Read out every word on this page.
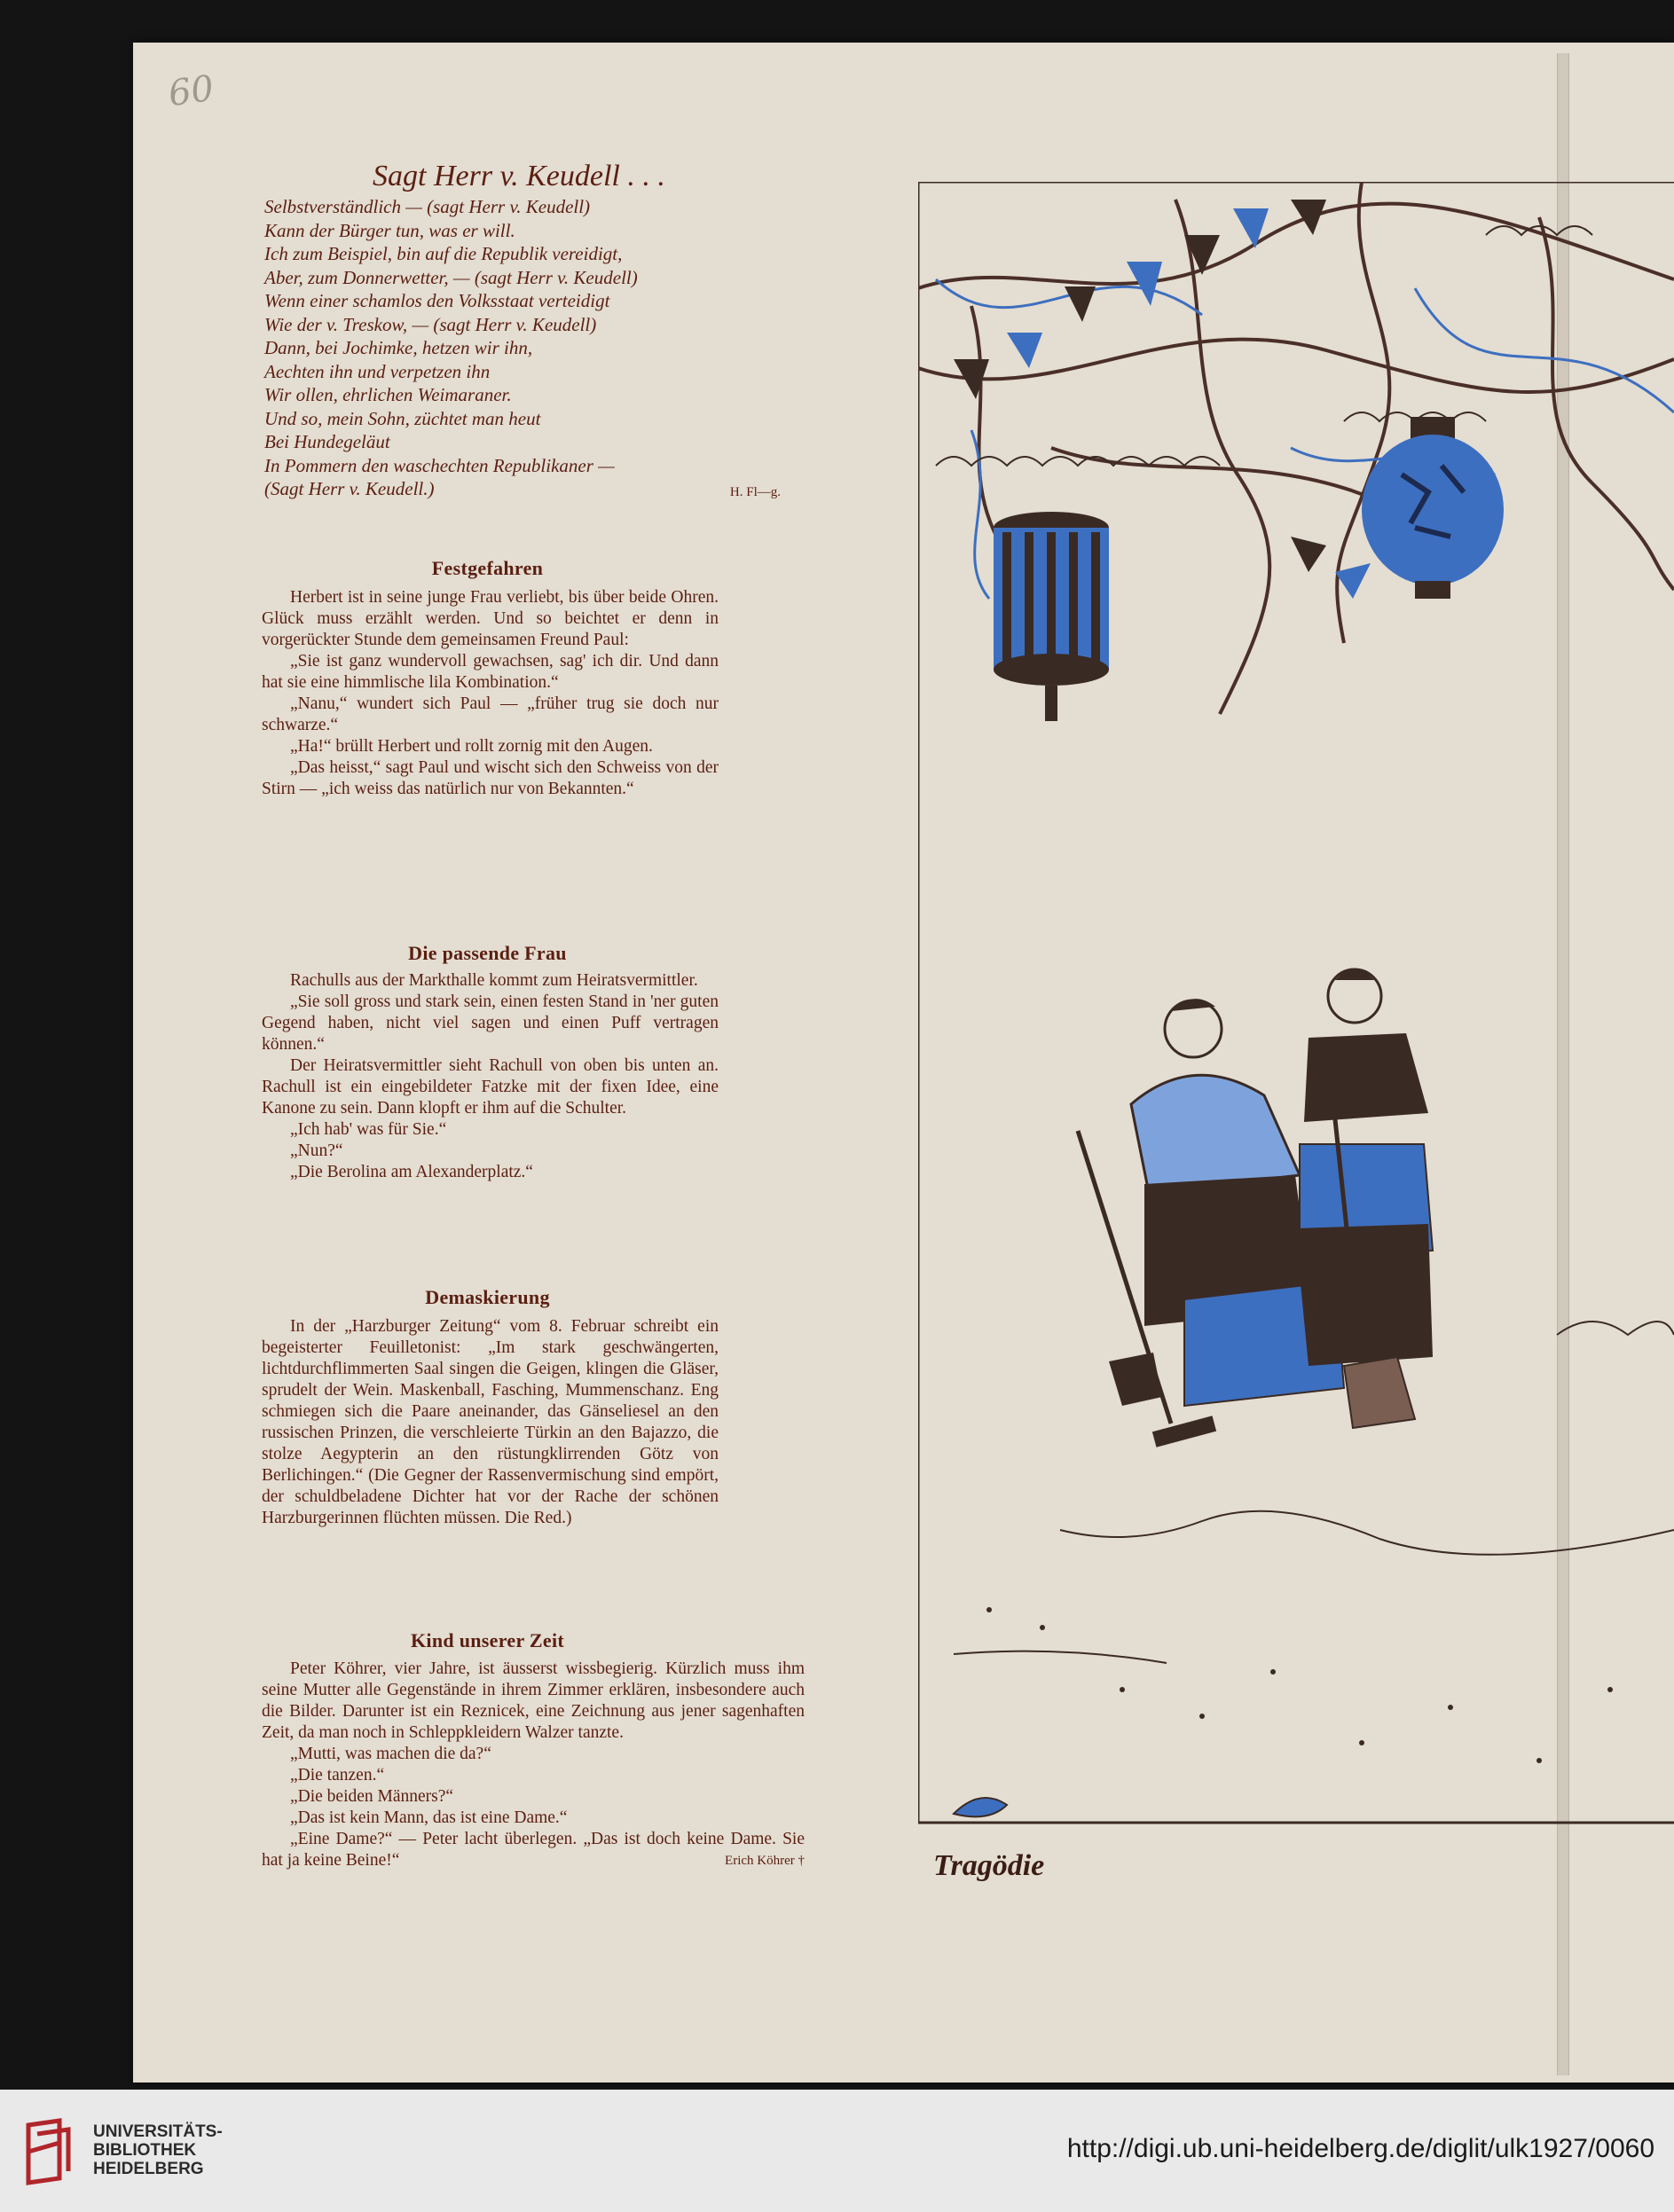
60
Sagt Herr v. Keudell . . .
Selbstverständlich — (sagt Herr v. Keudell)
Kann der Bürger tun, was er will.
Ich zum Beispiel, bin auf die Republik vereidigt,
Aber, zum Donnerwetter, — (sagt Herr v. Keudell)
Wenn einer schamlos den Volksstaat verteidigt
Wie der v. Treskow, — (sagt Herr v. Keudell)
Dann, bei Jochimke, hetzen wir ihn,
Aechten ihn und verpetzen ihn
Wir ollen, ehrlichen Weimaraner.
Und so, mein Sohn, züchtet man heut
Bei Hundegeläut
In Pommern den waschechten Republikaner —
(Sagt Herr v. Keudell.)	H. Fl—g.
Festgefahren

Herbert ist in seine junge Frau verliebt, bis über beide Ohren. Glück muss erzählt werden. Und so beichtet er denn in vorgerückter Stunde dem gemeinsamen Freund Paul:

„Sie ist ganz wundervoll gewachsen, sag' ich dir. Und dann hat sie eine himmlische lila Kombination.“

„Nanu,“ wundert sich Paul — „früher trug sie doch nur schwarze.“

„Ha!“ brüllt Herbert und rollt zornig mit den Augen.

„Das heisst,“ sagt Paul und wischt sich den Schweiss von der Stirn — „ich weiss das natürlich nur von Bekannten.“

Die passende Frau

Rachulls aus der Markthalle kommt zum Heiratsvermittler.

„Sie soll gross und stark sein, einen festen Stand in 'ner guten Gegend haben, nicht viel sagen und einen Puff vertragen können.“

Der Heiratsvermittler sieht Rachull von oben bis unten an. Rachull ist ein eingebildeter Fatzke mit der fixen Idee, eine Kanone zu sein. Dann klopft er ihm auf die Schulter.

„Ich hab' was für Sie.“

„Nun?“

„Die Berolina am Alexanderplatz.“

Demaskierung

In der „Harzburger Zeitung“ vom 8. Februar schreibt ein begeisterter Feuilletonist: „Im stark geschwängerten, lichtdurchflimmerten Saal singen die Geigen, klingen die Gläser, sprudelt der Wein. Maskenball, Fasching, Mummenschanz. Eng schmiegen sich die Paare aneinander, das Gänseliesel an den russischen Prinzen, die verschleierte Türkin an den Bajazzo, die stolze Aegypterin an den rüstungklirrenden Götz von Berlichingen.“ (Die Gegner der Rassenvermischung sind empört, der schuldbeladene Dichter hat vor der Rache der schönen Harzburgerinnen flüchten müssen. Die Red.)

Kind unserer Zeit

Peter Köhrer, vier Jahre, ist äusserst wissbegierig. Kürzlich muss ihm seine Mutter alle Gegenstände in ihrem Zimmer erklären, insbesondere auch die Bilder. Darunter ist ein Reznicek, eine Zeichnung aus jener sagenhaften Zeit, da man noch in Schleppkleidern Walzer tanzte.

„Mutti, was machen die da?“

„Die tanzen.“

„Die beiden Männers?“

„Das ist kein Mann, das ist eine Dame.“

„Eine Dame?“ — Peter lacht überlegen. „Das ist doch keine Dame. Sie hat ja keine Beine!“	Erich Köhrer †	Tragödie
UNIVERSITÄTS-
BIBLIOTHEK
HEIDELBERG
http://digi.ub.uni-heidelberg.de/diglit/ulk1927/0060
